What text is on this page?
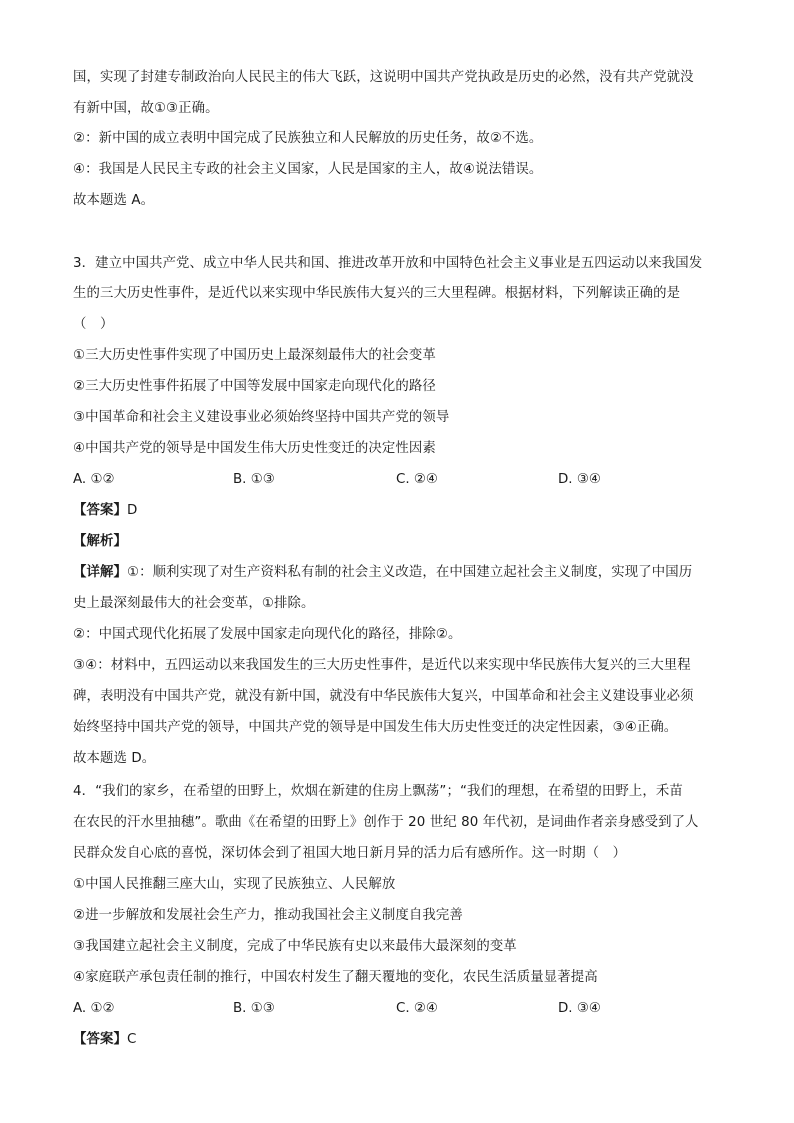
国，实现了封建专制政治向人民民主的伟大飞跃，这说明中国共产党执政是历史的必然，没有共产党就没
有新中国，故①③正确。
②：新中国的成立表明中国完成了民族独立和人民解放的历史任务，故②不选。
④：我国是人民民主专政的社会主义国家，人民是国家的主人，故④说法错误。
故本题选 A。
3．建立中国共产党、成立中华人民共和国、推进改革开放和中国特色社会主义事业是五四运动以来我国发
生的三大历史性事件，是近代以来实现中华民族伟大复兴的三大里程碑。根据材料，下列解读正确的是
（　）
①三大历史性事件实现了中国历史上最深刻最伟大的社会变革
②三大历史性事件拓展了中国等发展中国家走向现代化的路径
③中国革命和社会主义建设事业必须始终坚持中国共产党的领导
④中国共产党的领导是中国发生伟大历史性变迁的决定性因素
A. ①②	B. ①③	C. ②④	D. ③④
【答案】D
【解析】
【详解】①：顺利实现了对生产资料私有制的社会主义改造，在中国建立起社会主义制度，实现了中国历
史上最深刻最伟大的社会变革，①排除。
②：中国式现代化拓展了发展中国家走向现代化的路径，排除②。
③④：材料中，五四运动以来我国发生的三大历史性事件，是近代以来实现中华民族伟大复兴的三大里程
碑，表明没有中国共产党，就没有新中国，就没有中华民族伟大复兴，中国革命和社会主义建设事业必须
始终坚持中国共产党的领导，中国共产党的领导是中国发生伟大历史性变迁的决定性因素，③④正确。
故本题选 D。
4．“我们的家乡，在希望的田野上，炊烟在新建的住房上飘荡”；“我们的理想，在希望的田野上，禾苗
在农民的汗水里抽穗”。歌曲《在希望的田野上》创作于 20 世纪 80 年代初，是词曲作者亲身感受到了人
民群众发自心底的喜悦，深切体会到了祖国大地日新月异的活力后有感所作。这一时期（　）
①中国人民推翻三座大山，实现了民族独立、人民解放
②进一步解放和发展社会生产力，推动我国社会主义制度自我完善
③我国建立起社会主义制度，完成了中华民族有史以来最伟大最深刻的变革
④家庭联产承包责任制的推行，中国农村发生了翻天覆地的变化，农民生活质量显著提高
A. ①②	B. ①③	C. ②④	D. ③④
【答案】C
